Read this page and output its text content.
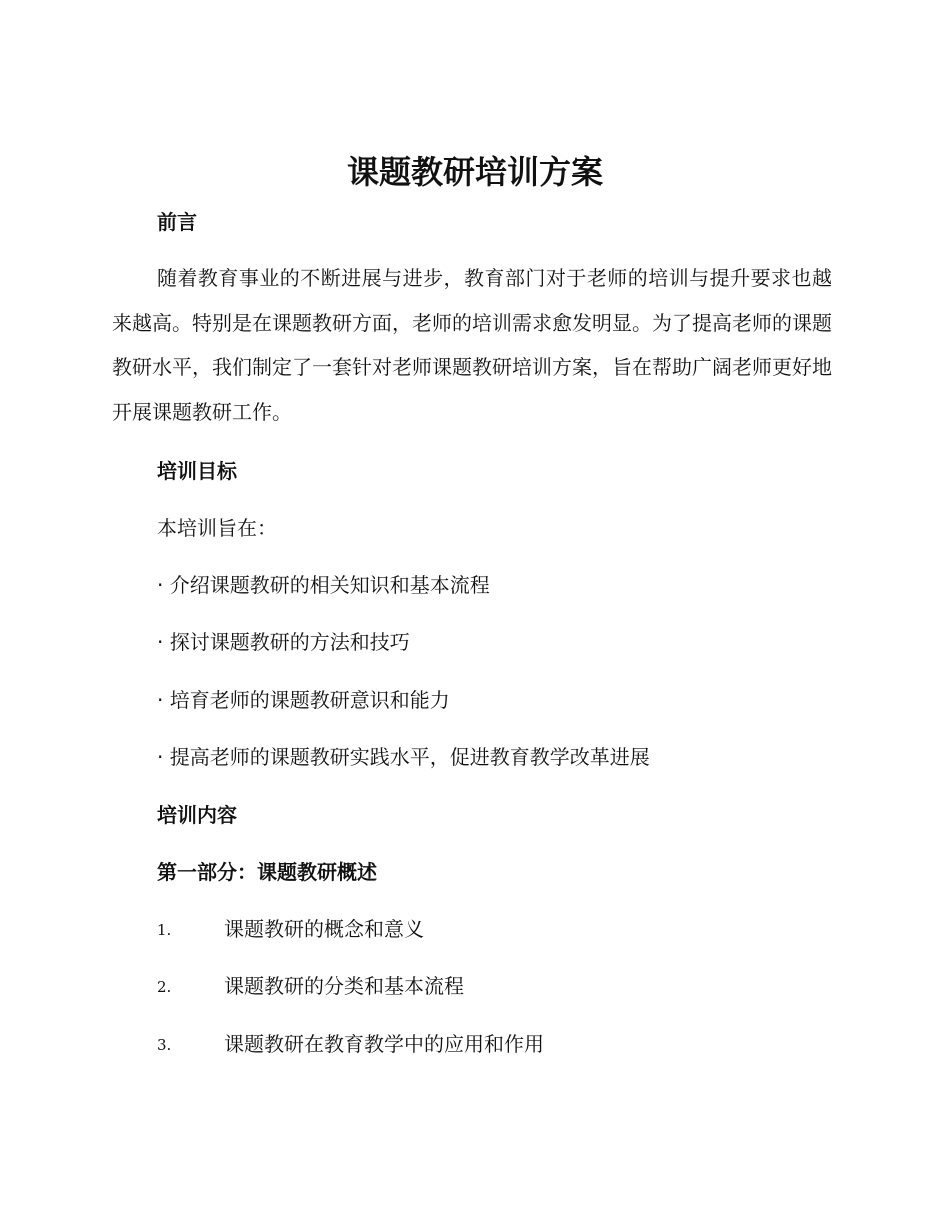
课题教研培训方案
前言
随着教育事业的不断进展与进步，教育部门对于老师的培训与提升要求也越来越高。特别是在课题教研方面，老师的培训需求愈发明显。为了提高老师的课题教研水平，我们制定了一套针对老师课题教研培训方案，旨在帮助广阔老师更好地开展课题教研工作。
培训目标
本培训旨在：
· 介绍课题教研的相关知识和基本流程
· 探讨课题教研的方法和技巧
· 培育老师的课题教研意识和能力
· 提高老师的课题教研实践水平，促进教育教学改革进展
培训内容
第一部分：课题教研概述
1.	课题教研的概念和意义
2.	课题教研的分类和基本流程
3.	课题教研在教育教学中的应用和作用
